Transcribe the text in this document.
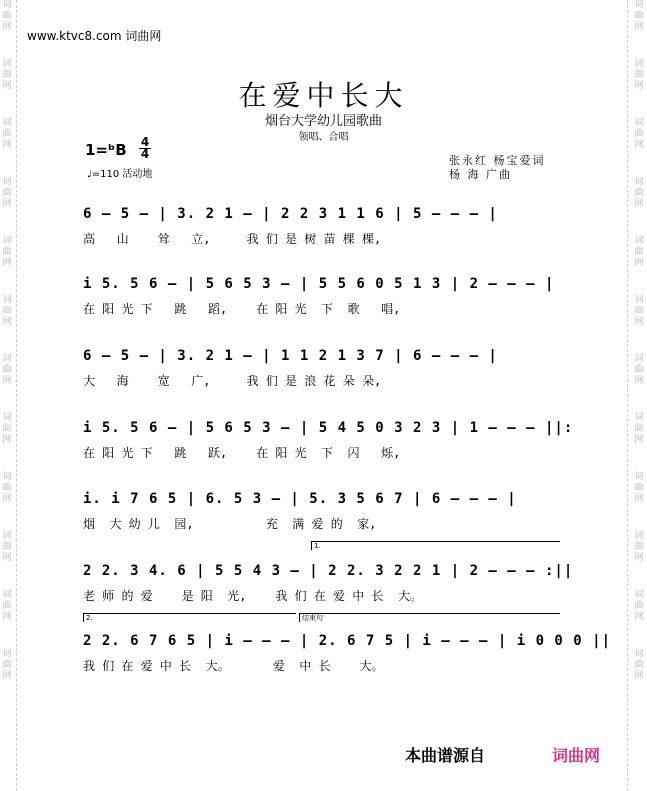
词
曲
网
词
曲
网
词
曲
网
词
曲
网
词
曲
网
词
曲
网
词
曲
网
词
曲
网
词
曲
网
词
曲
网
词
曲
网
词
曲
网
词
曲
网
词
曲
网
词
曲
网
词
曲
网
词
曲
网
词
曲
网
词
曲
网
词
曲
网
词
曲
网
词
曲
网
词
曲
网
词
曲
网
www.ktvc8.com 词曲网
在爱中长大
烟台大学幼儿园歌曲
领唱、合唱
1=ᵇB 4
4
♩=110 活动地
张永红 杨宝爱词
杨 海 广曲
6 – 5 – | 3. 2 1 – | 2 2 3 1 1 6 | 5 – – – |
高   山    耸   立,     我 们 是 树 苗 棵 棵,
i 5. 5 6 – | 5 6 5 3 – | 5 5 6 0 5 1 3 | 2 – – – |
在 阳 光 下   跳   蹈,    在 阳 光  下  歌   唱,
6 – 5 – | 3. 2 1 – | 1 1 2 1 3 7 | 6 – – – |
大   海    宽   广,     我 们 是 浪 花 朵 朵,
i 5. 5 6 – | 5 6 5 3 – | 5 4 5 0 3 2 3 | 1 – – – ||:
在 阳 光 下   跳   跃,    在 阳 光  下  闪   烁,
i. i 7 6 5 | 6. 5 3 – | 5. 3 5 6 7 | 6 – – – |
烟  大 幼 儿  园,          充  满 爱 的  家,
1.
2 2. 3 4. 6 | 5 5 4 3 – | 2 2. 3 2 2 1 | 2 – – – :||
老 师 的 爱    是 阳  光,    我 们 在 爱 中 长  大。
2.	结束句
2 2. 6 7 6 5 | i – – – | 2. 6 7 5 | i – – – | i 0 0 0 ||
我 们 在 爱 中 长  大。      爱  中 长    大。
本曲谱源自	词曲网
